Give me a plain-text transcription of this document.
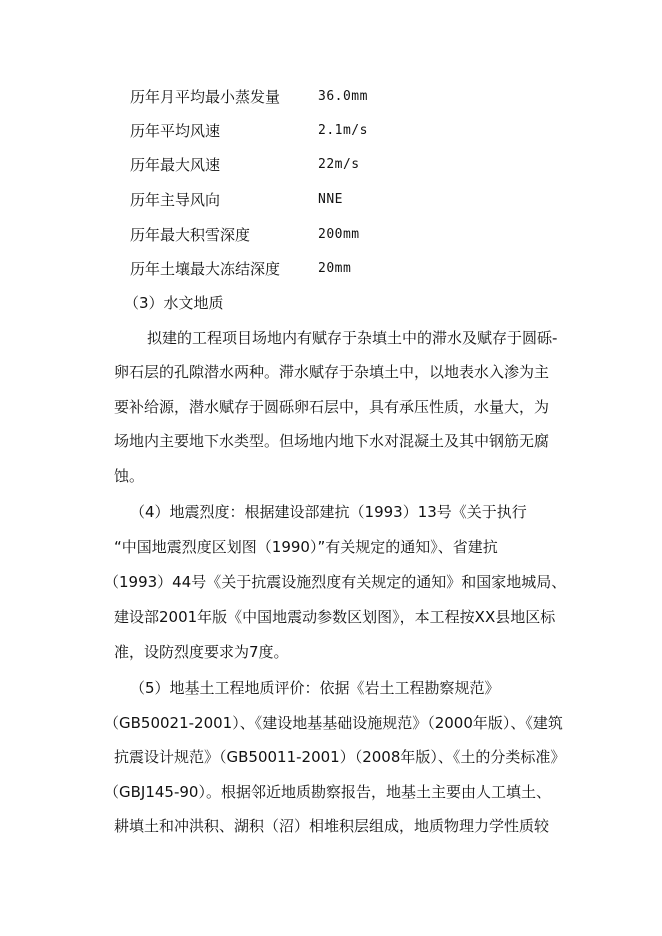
历年月平均最小蒸发量	36.0mm
历年平均风速	2.1m/s
历年最大风速	22m/s
历年主导风向	NNE
历年最大积雪深度	200mm
历年土壤最大冻结深度	20mm
（3）水文地质
拟建的工程项目场地内有赋存于杂填土中的滞水及赋存于圆砾-
卵石层的孔隙潜水两种。滞水赋存于杂填土中，以地表水入渗为主
要补给源，潜水赋存于圆砾卵石层中，具有承压性质，水量大，为
场地内主要地下水类型。但场地内地下水对混凝土及其中钢筋无腐
蚀。
（4）地震烈度：根据建设部建抗（1993）13号《关于执行
“中国地震烈度区划图（1990）”有关规定的通知》、省建抗
（1993）44号《关于抗震设施烈度有关规定的通知》和国家地城局、
建设部2001年版《中国地震动参数区划图》，本工程按XX县地区标
准，设防烈度要求为7度。
（5）地基土工程地质评价：依据《岩土工程勘察规范》
（GB50021-2001）、《建设地基基础设施规范》（2000年版）、《建筑
抗震设计规范》（GB50011-2001）（2008年版）、《土的分类标准》
（GBJ145-90）。根据邻近地质勘察报告，地基土主要由人工填土、
耕填土和冲洪积、湖积（沼）相堆积层组成，地质物理力学性质较
